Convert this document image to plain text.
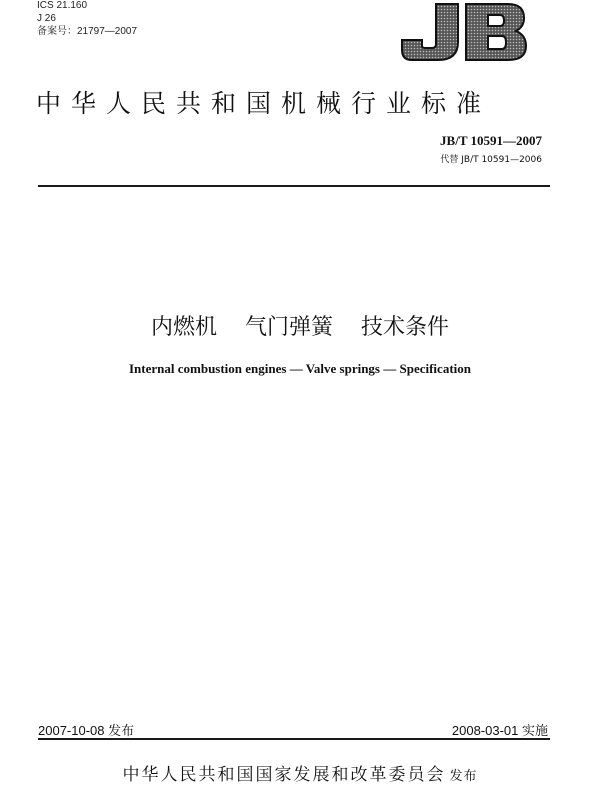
ICS 21.160
J 26
备案号：21797—2007
中华人民共和国机械行业标准
JB/T 10591—2007
代替 JB/T 10591—2006
内燃机    气门弹簧    技术条件
Internal combustion engines — Valve springs — Specification
2007-10-08 发布	2008-03-01 实施
中华人民共和国国家发展和改革委员会 发布
